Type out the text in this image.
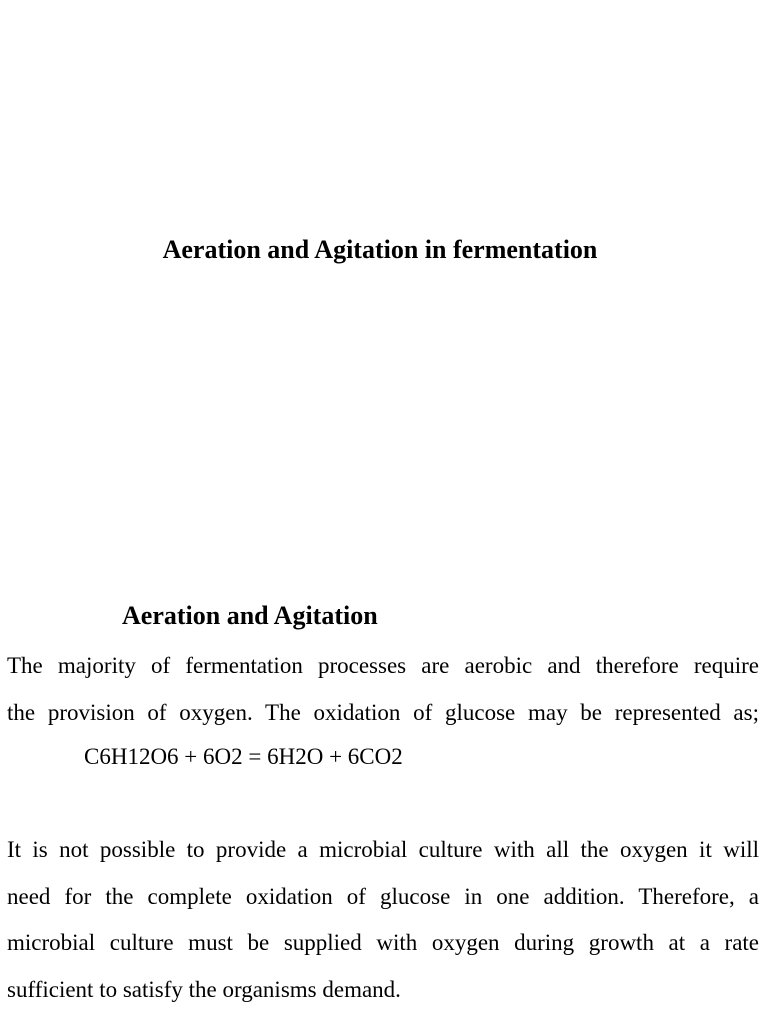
Aeration and Agitation in fermentation
Aeration and Agitation

The majority of fermentation processes are aerobic and therefore require
the provision of oxygen. The oxidation of glucose may be represented as;

C6H12O6 + 6O2 = 6H2O + 6CO2

It is not possible to provide a microbial culture with all the oxygen it will
need for the complete oxidation of glucose in one addition. Therefore, a
microbial culture must be supplied with oxygen during growth at a rate
sufficient to satisfy the organisms demand.
